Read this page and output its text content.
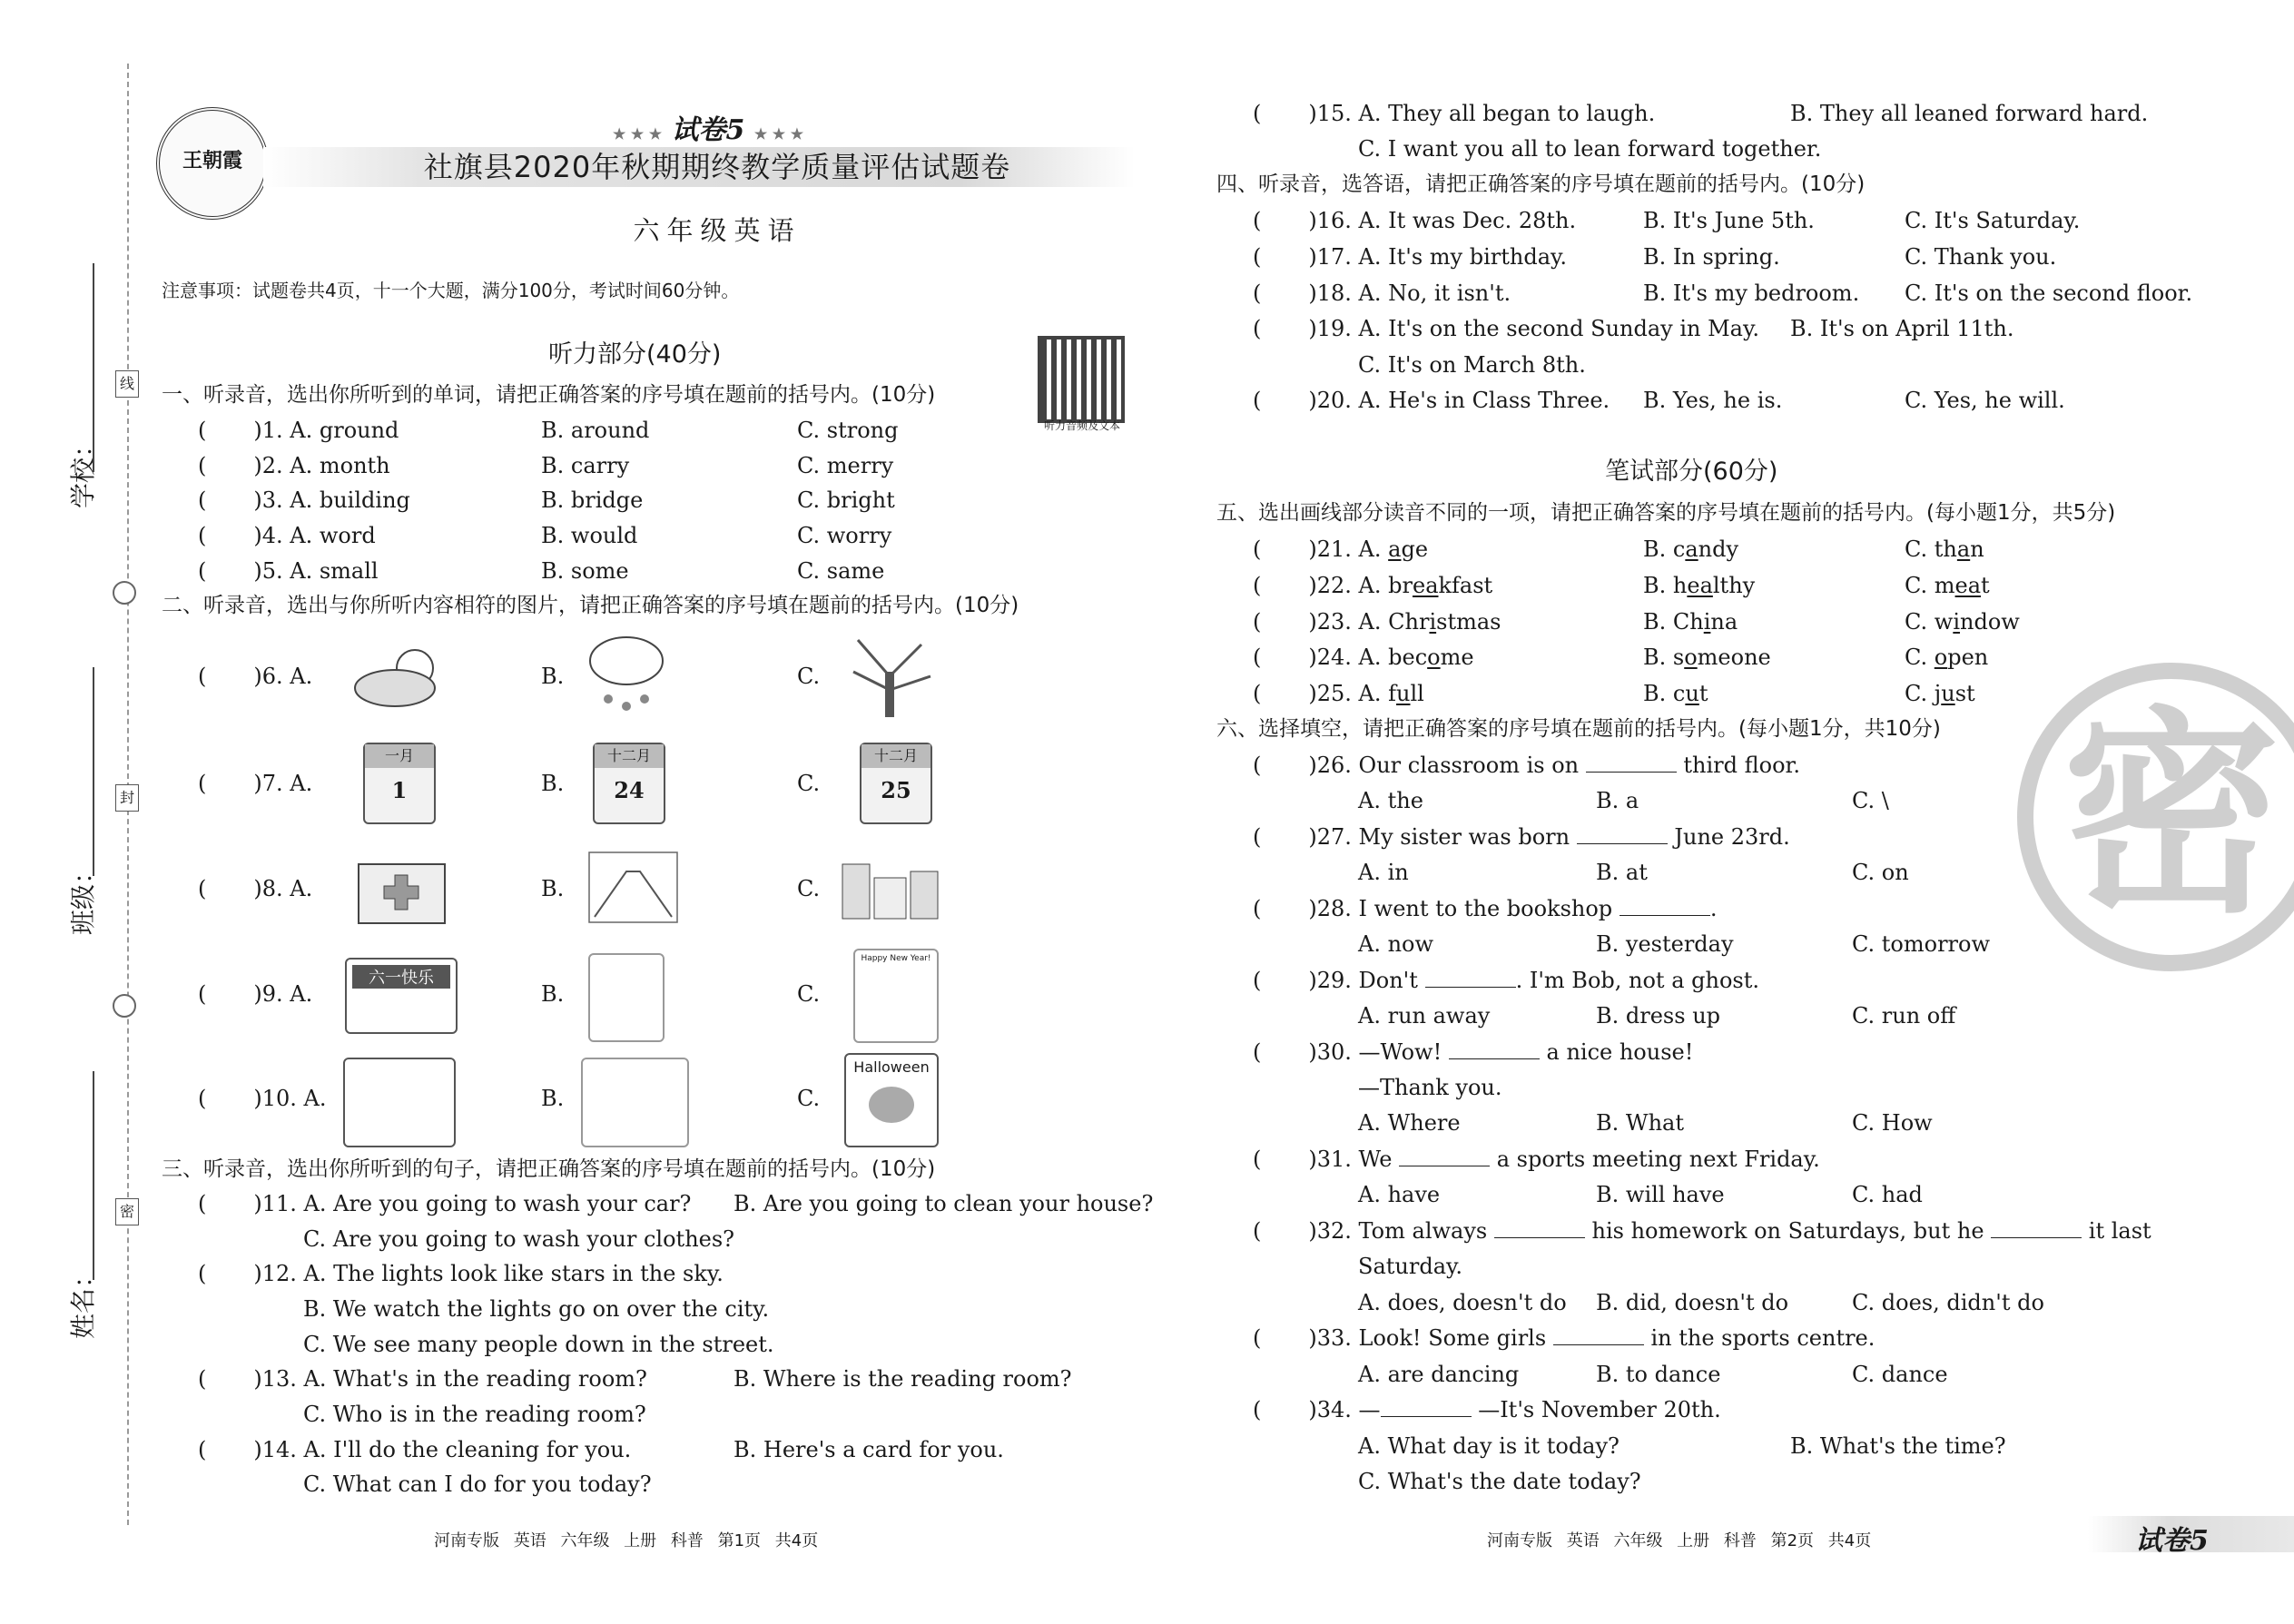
学校：
班级：
姓名：
线
封
密
王朝霞
★ ★ ★ 试卷5 ★ ★ ★
社旗县2020年秋期期终教学质量评估试题卷
六年级英语
注意事项：试题卷共4页，十一个大题，满分100分，考试时间60分钟。
听力音频及文本
听力部分(40分)
一、听录音，选出你所听到的单词，请把正确答案的序号填在题前的括号内。(10分)
( )1. A. ground	B. around	C. strong
( )2. A. month	B. carry	C. merry
( )3. A. building	B. bridge	C. bright
( )4. A. word	B. would	C. worry
( )5. A. small	B. some	C. same
二、听录音，选出与你所听内容相符的图片，请把正确答案的序号填在题前的括号内。(10分)
( )6. A.	B.	C.
( )7. A.	B.	C.
一月
1
十二月
24
十二月
25
( )8. A.	B.	C.
( )9. A.	B.	C.
六一快乐
Happy New Year!
( )10. A.	B.	C.
Halloween
三、听录音，选出你所听到的句子，请把正确答案的序号填在题前的括号内。(10分)
( )11. A. Are you going to wash your car? B. Are you going to clean your house?
C. Are you going to wash your clothes?
( )12. A. The lights look like stars in the sky.
B. We watch the lights go on over the city.
C. We see many people down in the street.
( )13. A. What's in the reading room?	B. Where is the reading room?
C. Who is in the reading room?
( )14. A. I'll do the cleaning for you.	B. Here's a card for you.
C. What can I do for you today?
河南专版 英语 六年级 上册 科普 第1页 共4页
( )15. A. They all began to laugh.	B. They all leaned forward hard.
C. I want you all to lean forward together.
四、听录音，选答语，请把正确答案的序号填在题前的括号内。(10分)
( )16. A. It was Dec. 28th.	B. It's June 5th.	C. It's Saturday.
( )17. A. It's my birthday.	B. In spring.	C. Thank you.
( )18. A. No, it isn't.	B. It's my bedroom. C. It's on the second floor.
( )19. A. It's on the second Sunday in May. B. It's on April 11th.
C. It's on March 8th.
( )20. A. He's in Class Three. B. Yes, he is.	C. Yes, he will.
笔试部分(60分)
五、选出画线部分读音不同的一项，请把正确答案的序号填在题前的括号内。(每小题1分，共5分)
( )21. A. age	B. candy	C. than
( )22. A. breakfast	B. healthy	C. meat
( )23. A. Christmas	B. China	C. window
( )24. A. become	B. someone	C. open
( )25. A. full	B. cut	C. just
六、选择填空，请把正确答案的序号填在题前的括号内。(每小题1分，共10分)
( )26. Our classroom is on	third floor.
A. the	B. a	C. \
( )27. My sister was born	June 23rd.
A. in	B. at	C. on
( )28. I went to the bookshop	.
A. now	B. yesterday	C. tomorrow
( )29. Don't	. I'm Bob, not a ghost.
A. run away	B. dress up	C. run off
( )30. —Wow!	a nice house!
—Thank you.
A. Where	B. What	C. How
( )31. We	a sports meeting next Friday.
A. have	B. will have	C. had
( )32. Tom always	his homework on Saturdays, but he	it last
Saturday.
A. does, doesn't do B. did, doesn't do	C. does, didn't do
( )33. Look! Some girls	in the sports centre.
A. are dancing	B. to dance	C. dance
( )34. —	—It's November 20th.
A. What day is it today?	B. What's the time?
C. What's the date today?
河南专版 英语 六年级 上册 科普 第2页 共4页	试卷5
密
